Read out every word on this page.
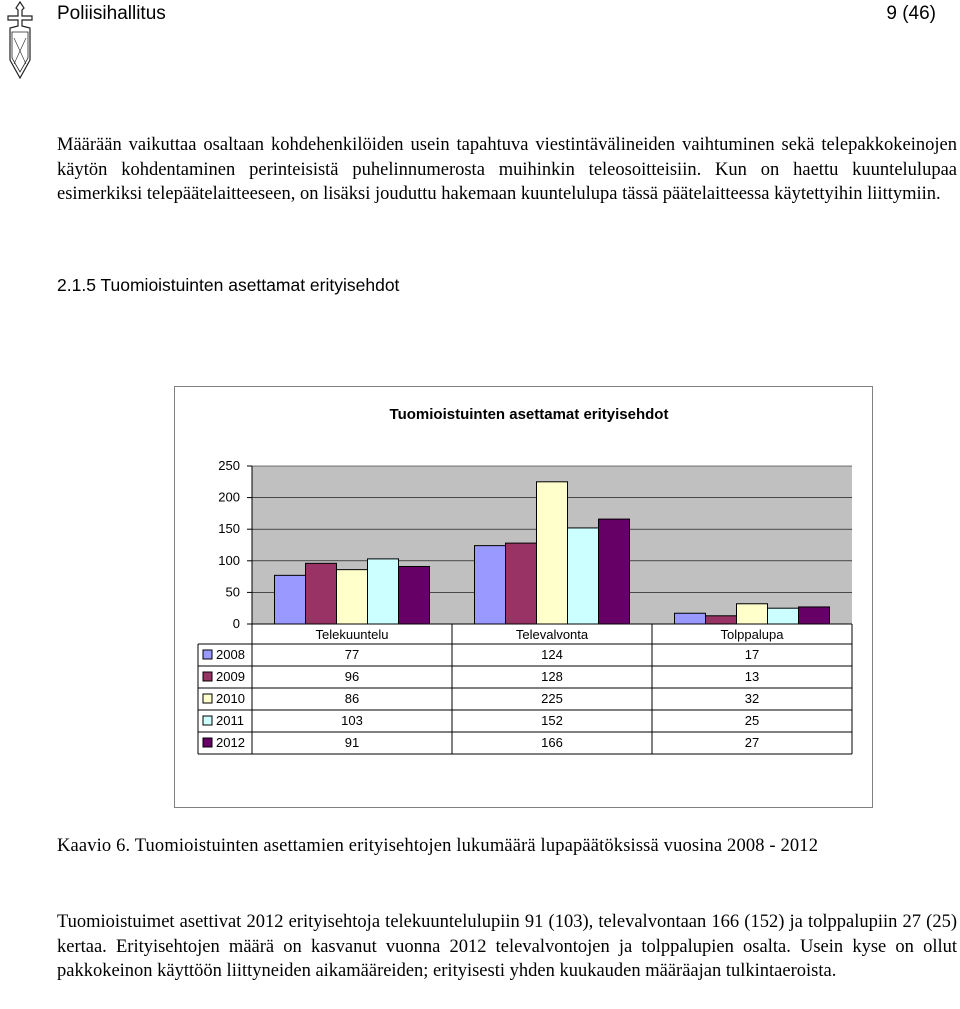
Poliisihallitus	9 (46)

Määrään vaikuttaa osaltaan kohdehenkilöiden usein tapahtuva viestintävälineiden vaihtuminen sekä telepakkokeinojen käytön kohdentaminen perinteisistä puhelinnumerosta muihinkin teleosoitteisiin. Kun on haettu kuuntelulupaa esimerkiksi telepäätelaitteeseen, on lisäksi jouduttu hakemaan kuuntelulupa tässä päätelaitteessa käytettyihin liittymiin.

2.1.5 Tuomioistuinten asettamat erityisehdot
Tuomioistuinten asettamat erityisehdot
0
50
100
150
200
250
Telekuuntelu	Televalvonta	Tolppalupa
2008	77	124	17
2009	96	128	13
2010	86	225	32
2011	103	152	25
2012	91	166	27
Kaavio 6. Tuomioistuinten asettamien erityisehtojen lukumäärä lupapäätöksissä vuosina 2008 - 2012

Tuomioistuimet asettivat 2012 erityisehtoja telekuuntelulupiin 91 (103), televalvontaan 166 (152) ja tolppalupiin 27 (25) kertaa. Erityisehtojen määrä on kasvanut vuonna 2012 televalvontojen ja tolppalupien osalta. Usein kyse on ollut pakkokeinon käyttöön liittyneiden aikamääreiden; erityisesti yhden kuukauden määräajan tulkintaeroista.
